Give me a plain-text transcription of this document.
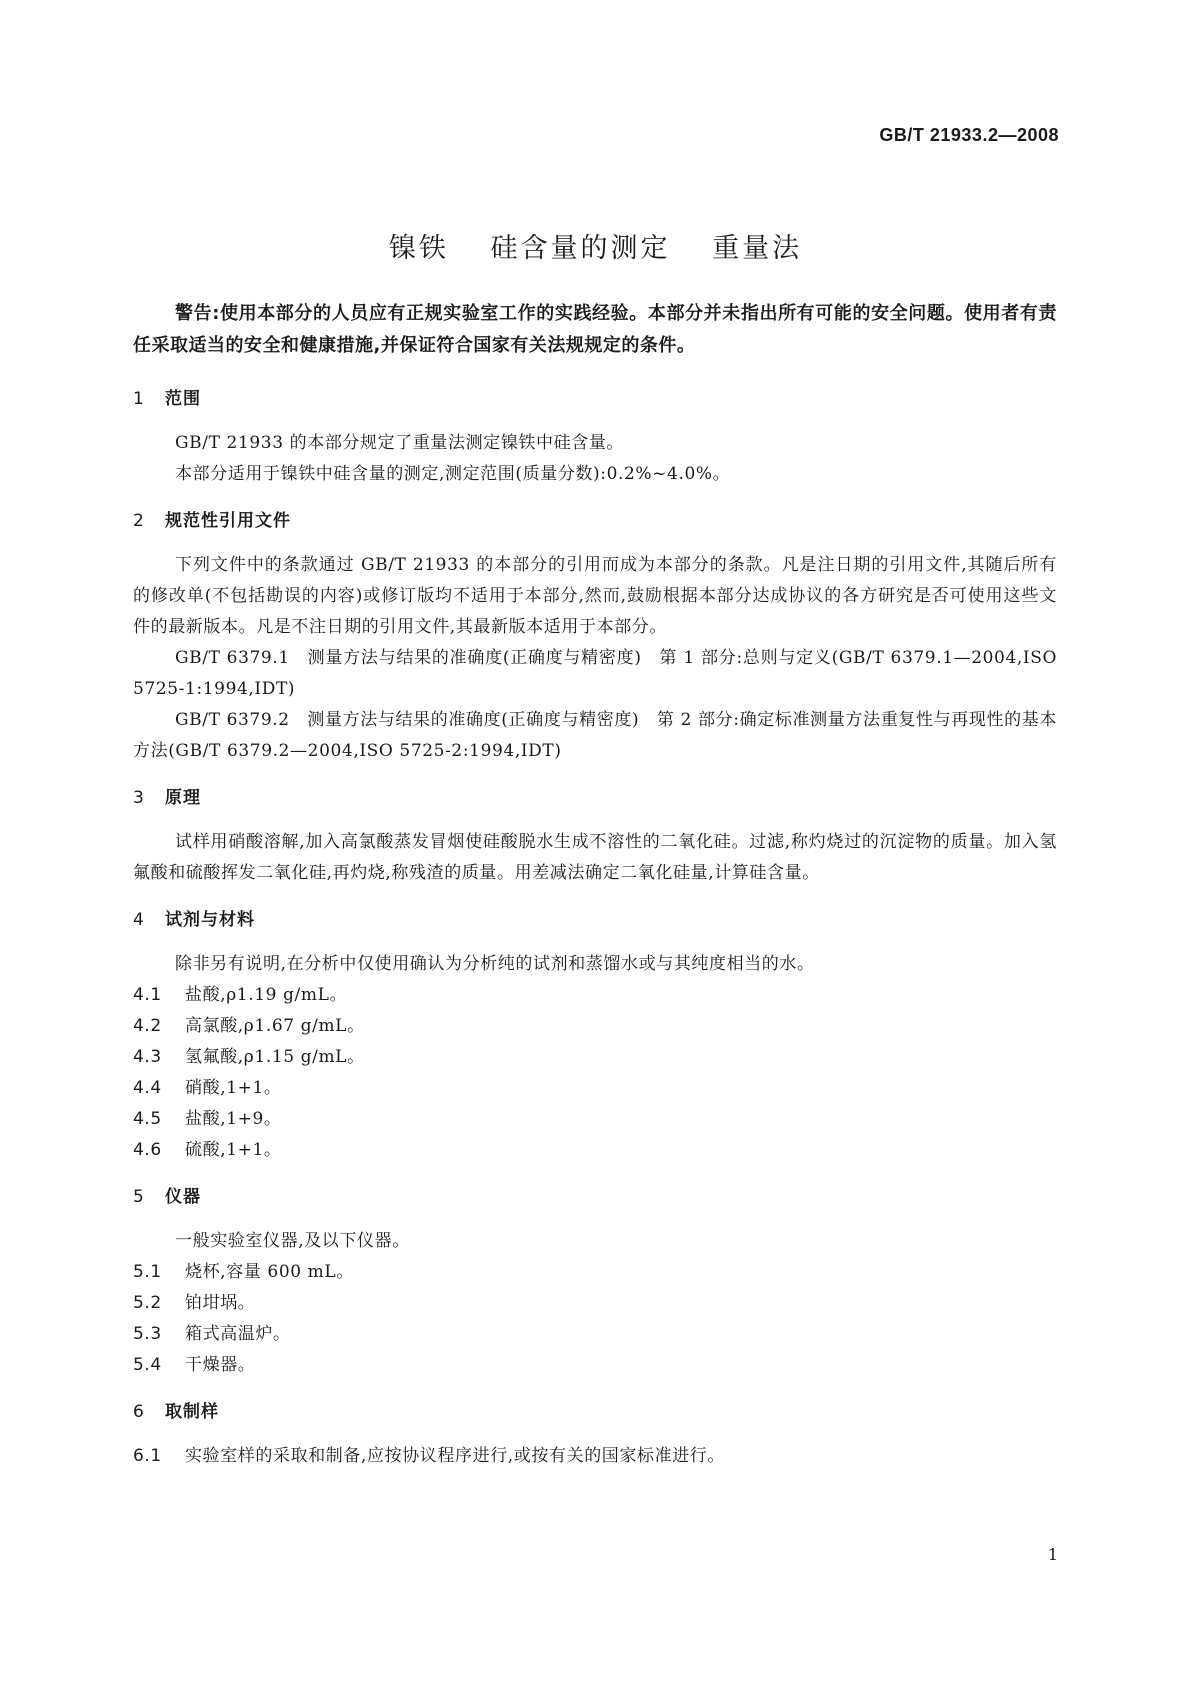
GB/T 21933.2—2008
镍铁　 硅含量的测定　 重量法

警告:使用本部分的人员应有正规实验室工作的实践经验。本部分并未指出所有可能的安全问题。使用者有责任采取适当的安全和健康措施,并保证符合国家有关法规规定的条件。

1 范围

GB/T 21933 的本部分规定了重量法测定镍铁中硅含量。

本部分适用于镍铁中硅含量的测定,测定范围(质量分数):0.2%~4.0%。

2 规范性引用文件

下列文件中的条款通过 GB/T 21933 的本部分的引用而成为本部分的条款。凡是注日期的引用文件,其随后所有的修改单(不包括勘误的内容)或修订版均不适用于本部分,然而,鼓励根据本部分达成协议的各方研究是否可使用这些文件的最新版本。凡是不注日期的引用文件,其最新版本适用于本部分。

GB/T 6379.1　测量方法与结果的准确度(正确度与精密度)　第 1 部分:总则与定义(GB/T 6379.1—2004,ISO 5725-1:1994,IDT)

GB/T 6379.2　测量方法与结果的准确度(正确度与精密度)　第 2 部分:确定标准测量方法重复性与再现性的基本方法(GB/T 6379.2—2004,ISO 5725-2:1994,IDT)

3 原理

试样用硝酸溶解,加入高氯酸蒸发冒烟使硅酸脱水生成不溶性的二氧化硅。过滤,称灼烧过的沉淀物的质量。加入氢氟酸和硫酸挥发二氧化硅,再灼烧,称残渣的质量。用差减法确定二氧化硅量,计算硅含量。

4 试剂与材料

除非另有说明,在分析中仅使用确认为分析纯的试剂和蒸馏水或与其纯度相当的水。

4.1 盐酸,ρ1.19 g/mL。

4.2 高氯酸,ρ1.67 g/mL。

4.3 氢氟酸,ρ1.15 g/mL。

4.4 硝酸,1+1。

4.5 盐酸,1+9。

4.6 硫酸,1+1。

5 仪器

一般实验室仪器,及以下仪器。

5.1 烧杯,容量 600 mL。

5.2 铂坩埚。

5.3 箱式高温炉。

5.4 干燥器。

6 取制样

6.1 实验室样的采取和制备,应按协议程序进行,或按有关的国家标准进行。

1
